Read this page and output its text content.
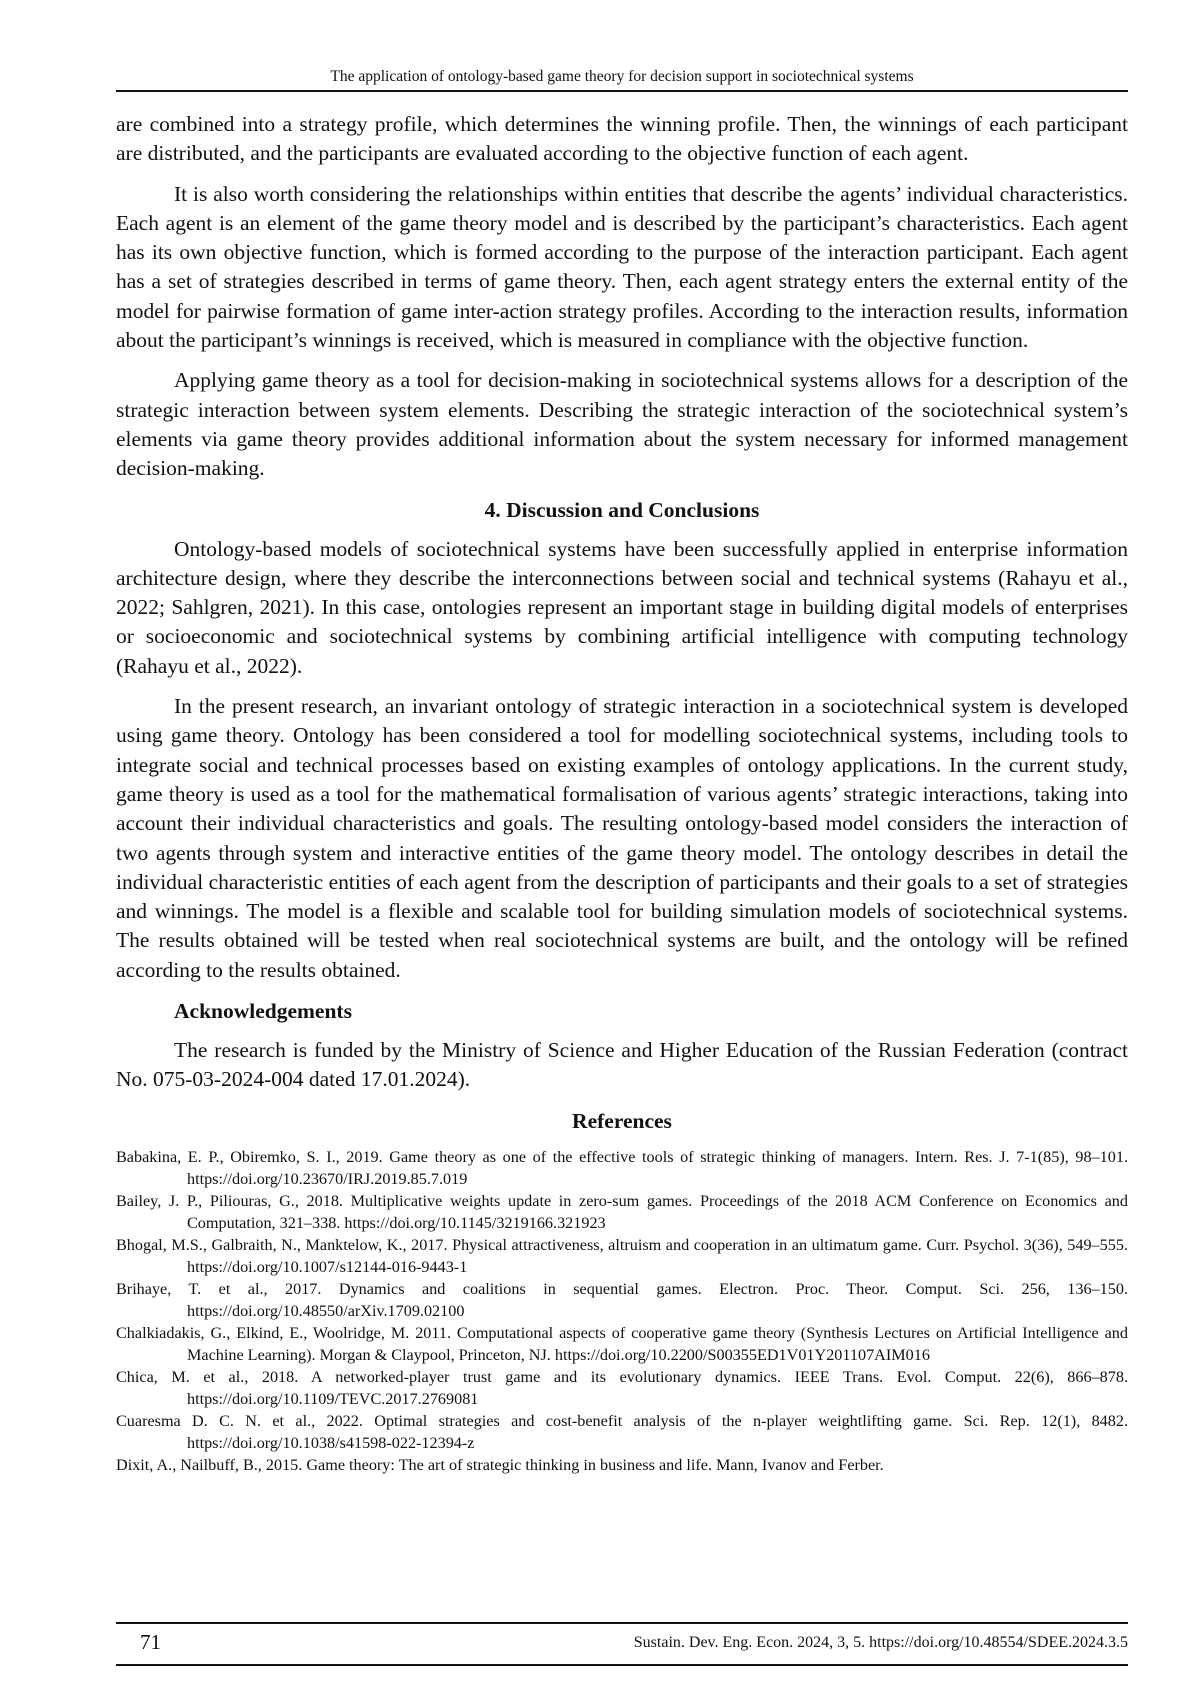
The application of ontology-based game theory for decision support in sociotechnical systems

are combined into a strategy profile, which determines the winning profile. Then, the winnings of each participant are distributed, and the participants are evaluated according to the objective function of each agent.

It is also worth considering the relationships within entities that describe the agents’ individual characteristics. Each agent is an element of the game theory model and is described by the participant’s characteristics. Each agent has its own objective function, which is formed according to the purpose of the interaction participant. Each agent has a set of strategies described in terms of game theory. Then, each agent strategy enters the external entity of the model for pairwise formation of game inter-action strategy profiles. According to the interaction results, information about the participant’s winnings is received, which is measured in compliance with the objective function.

Applying game theory as a tool for decision-making in sociotechnical systems allows for a description of the strategic interaction between system elements. Describing the strategic interaction of the sociotechnical system’s elements via game theory provides additional information about the system necessary for informed management decision-making.

4. Discussion and Conclusions

Ontology-based models of sociotechnical systems have been successfully applied in enterprise information architecture design, where they describe the interconnections between social and technical systems (Rahayu et al., 2022; Sahlgren, 2021). In this case, ontologies represent an important stage in building digital models of enterprises or socioeconomic and sociotechnical systems by combining artificial intelligence with computing technology (Rahayu et al., 2022).

In the present research, an invariant ontology of strategic interaction in a sociotechnical system is developed using game theory. Ontology has been considered a tool for modelling sociotechnical systems, including tools to integrate social and technical processes based on existing examples of ontology applications. In the current study, game theory is used as a tool for the mathematical formalisation of various agents’ strategic interactions, taking into account their individual characteristics and goals. The resulting ontology-based model considers the interaction of two agents through system and interactive entities of the game theory model. The ontology describes in detail the individual characteristic entities of each agent from the description of participants and their goals to a set of strategies and winnings. The model is a flexible and scalable tool for building simulation models of sociotechnical systems. The results obtained will be tested when real sociotechnical systems are built, and the ontology will be refined according to the results obtained.

Acknowledgements

The research is funded by the Ministry of Science and Higher Education of the Russian Federation (contract No. 075-03-2024-004 dated 17.01.2024).

References
Babakina, E. P., Obiremko, S. I., 2019. Game theory as one of the effective tools of strategic thinking of managers. Intern. Res. J. 7-1(85), 98–101. https://doi.org/10.23670/IRJ.2019.85.7.019
Bailey, J. P., Piliouras, G., 2018. Multiplicative weights update in zero-sum games. Proceedings of the 2018 ACM Conference on Economics and Computation, 321–338. https://doi.org/10.1145/3219166.321923
Bhogal, M.S., Galbraith, N., Manktelow, K., 2017. Physical attractiveness, altruism and cooperation in an ultimatum game. Curr. Psychol. 3(36), 549–555. https://doi.org/10.1007/s12144-016-9443-1
Brihaye, T. et al., 2017. Dynamics and coalitions in sequential games. Electron. Proc. Theor. Comput. Sci. 256, 136–150. https://doi.org/10.48550/arXiv.1709.02100
Chalkiadakis, G., Elkind, E., Woolridge, M. 2011. Computational aspects of cooperative game theory (Synthesis Lectures on Artificial Intelligence and Machine Learning). Morgan & Claypool, Princeton, NJ. https://doi.org/10.2200/S00355ED1V01Y201107AIM016
Chica, M. et al., 2018. A networked-player trust game and its evolutionary dynamics. IEEE Trans. Evol. Comput. 22(6), 866–878. https://doi.org/10.1109/TEVC.2017.2769081
Cuaresma D. C. N. et al., 2022. Optimal strategies and cost-benefit analysis of the n-player weightlifting game. Sci. Rep. 12(1), 8482. https://doi.org/10.1038/s41598-022-12394-z
Dixit, A., Nailbuff, B., 2015. Game theory: The art of strategic thinking in business and life. Mann, Ivanov and Ferber.
71	Sustain. Dev. Eng. Econ. 2024, 3, 5. https://doi.org/10.48554/SDEE.2024.3.5
